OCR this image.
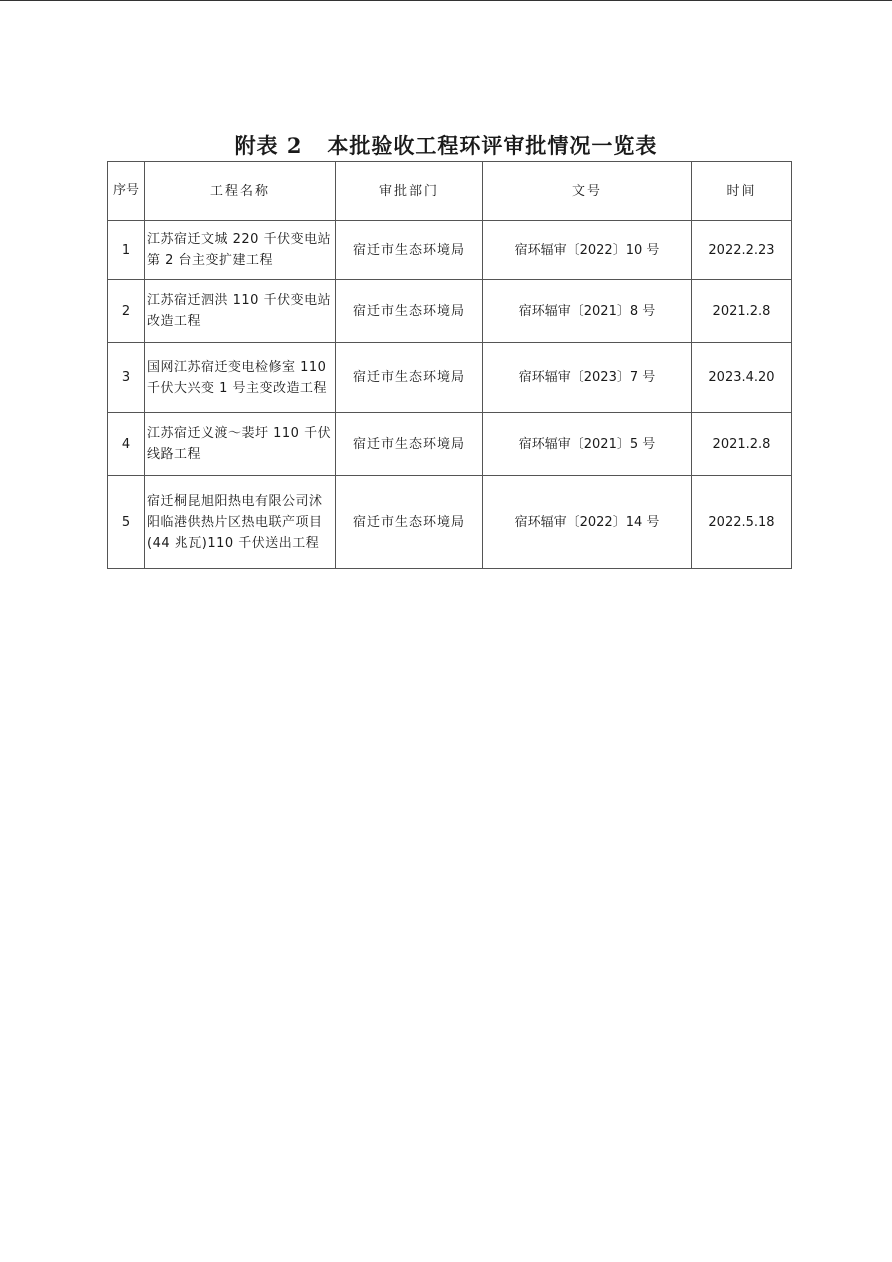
附表 2   本批验收工程环评审批情况一览表
序号	工程名称	审批部门	文号	时间
1	江苏宿迁文城 220 千伏变电站第 2 台主变扩建工程	宿迁市生态环境局	宿环辐审〔2022〕10 号	2022.2.23
2	江苏宿迁泗洪 110 千伏变电站改造工程	宿迁市生态环境局	宿环辐审〔2021〕8 号	2021.2.8
3	国网江苏宿迁变电检修室 110 千伏大兴变 1 号主变改造工程	宿迁市生态环境局	宿环辐审〔2023〕7 号	2023.4.20
4	江苏宿迁义渡～裴圩 110 千伏线路工程	宿迁市生态环境局	宿环辐审〔2021〕5 号	2021.2.8
5	宿迁桐昆旭阳热电有限公司沭阳临港供热片区热电联产项目(44 兆瓦)110 千伏送出工程	宿迁市生态环境局	宿环辐审〔2022〕14 号	2022.5.18
